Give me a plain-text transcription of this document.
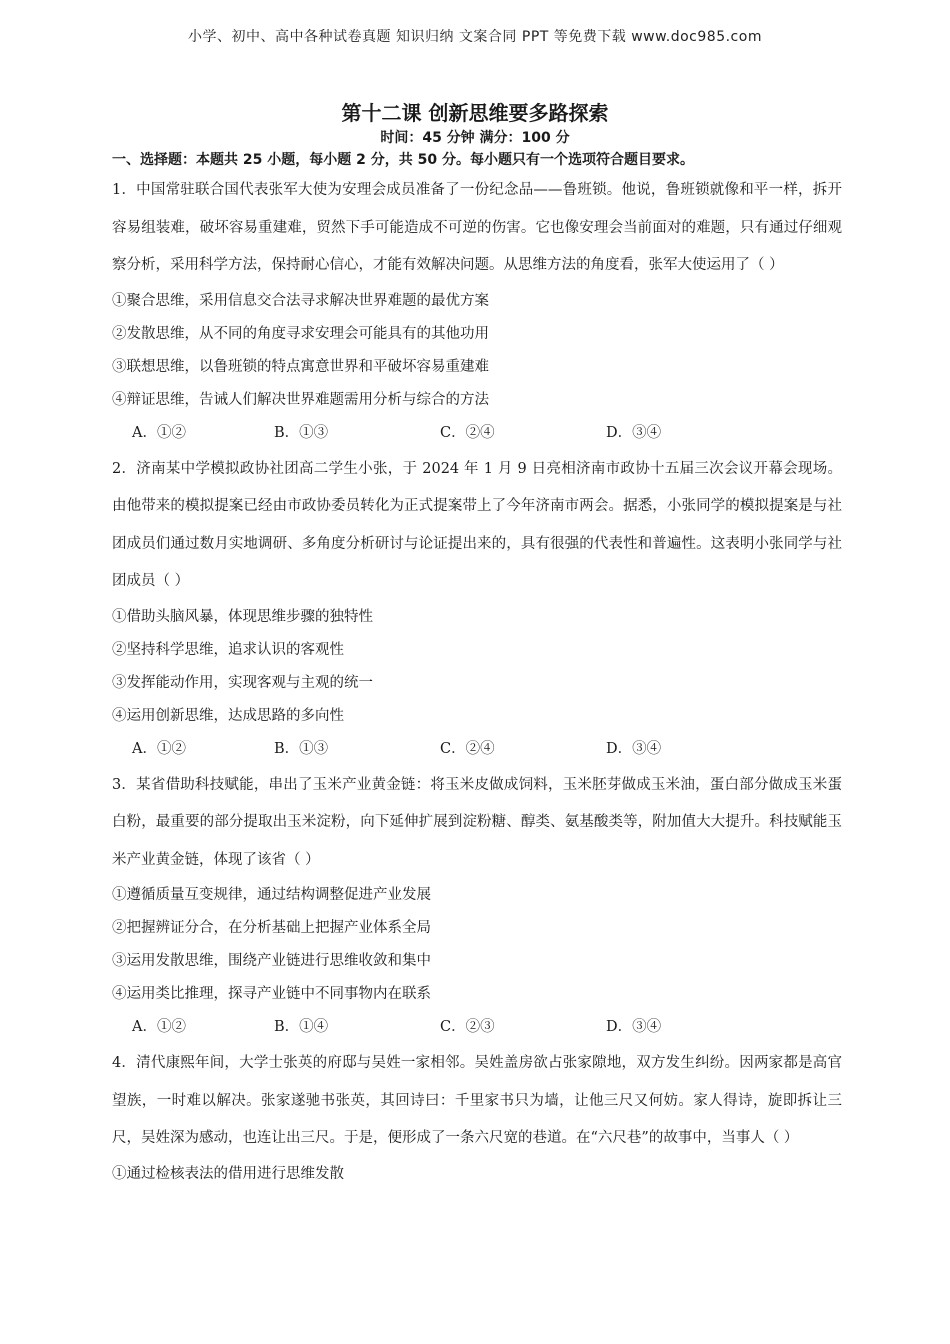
小学、初中、高中各种试卷真题 知识归纳 文案合同 PPT 等免费下载 www.doc985.com
第十二课 创新思维要多路探索
时间：45 分钟 满分：100 分
一、选择题：本题共 25 小题，每小题 2 分，共 50 分。每小题只有一个选项符合题目要求。

1．中国常驻联合国代表张军大使为安理会成员准备了一份纪念品——鲁班锁。他说，鲁班锁就像和平一样，拆开容易组装难，破坏容易重建难，贸然下手可能造成不可逆的伤害。它也像安理会当前面对的难题，只有通过仔细观察分析，采用科学方法，保持耐心信心，才能有效解决问题。从思维方法的角度看，张军大使运用了（ ）

①聚合思维，采用信息交合法寻求解决世界难题的最优方案
②发散思维，从不同的角度寻求安理会可能具有的其他功用
③联想思维，以鲁班锁的特点寓意世界和平破坏容易重建难
④辩证思维，告诫人们解决世界难题需用分析与综合的方法
A．①②	B．①③	C．②④	D．③④

2．济南某中学模拟政协社团高二学生小张，于 2024 年 1 月 9 日亮相济南市政协十五届三次会议开幕会现场。由他带来的模拟提案已经由市政协委员转化为正式提案带上了今年济南市两会。据悉，小张同学的模拟提案是与社团成员们通过数月实地调研、多角度分析研讨与论证提出来的，具有很强的代表性和普遍性。这表明小张同学与社团成员（ ）

①借助头脑风暴，体现思维步骤的独特性
②坚持科学思维，追求认识的客观性
③发挥能动作用，实现客观与主观的统一
④运用创新思维，达成思路的多向性
A．①②	B．①③	C．②④	D．③④

3．某省借助科技赋能，串出了玉米产业黄金链：将玉米皮做成饲料，玉米胚芽做成玉米油，蛋白部分做成玉米蛋白粉，最重要的部分提取出玉米淀粉，向下延伸扩展到淀粉糖、醇类、氨基酸类等，附加值大大提升。科技赋能玉米产业黄金链，体现了该省（ ）

①遵循质量互变规律，通过结构调整促进产业发展
②把握辨证分合，在分析基础上把握产业体系全局
③运用发散思维，围绕产业链进行思维收敛和集中
④运用类比推理，探寻产业链中不同事物内在联系
A．①②	B．①④	C．②③	D．③④

4．清代康熙年间，大学士张英的府邸与吴姓一家相邻。吴姓盖房欲占张家隙地，双方发生纠纷。因两家都是高官望族，一时难以解决。张家遂驰书张英，其回诗曰：千里家书只为墙，让他三尺又何妨。家人得诗，旋即拆让三尺，吴姓深为感动，也连让出三尺。于是，便形成了一条六尺宽的巷道。在“六尺巷”的故事中，当事人（ ）

①通过检核表法的借用进行思维发散
